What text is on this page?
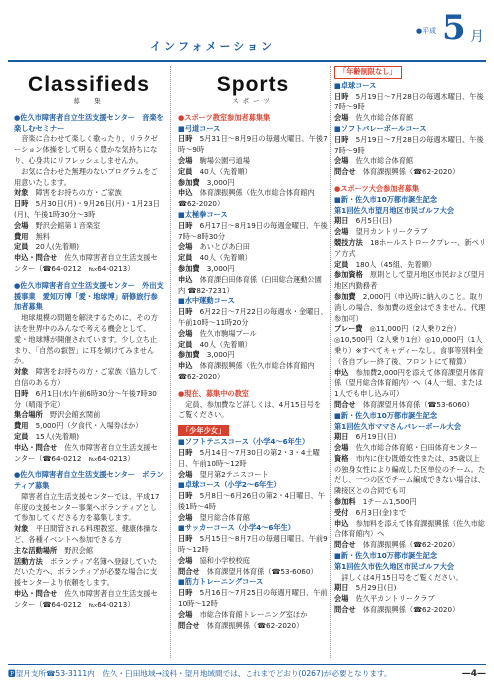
インフォメーション
●平成 5 月
Classifieds
募　集
●佐久市障害者自立生活支援センター　音楽を楽しむセミナー

　音楽に合わせて楽しく歌ったり、リラクゼーション体操をして明るく豊かな気持ちになり、心身共にリフレッシュしませんか。

　お気に合わせた無理のないプログラムをご用意いたします。

対象　 障害をお持ちの方・ご家族

日時　 5月30日(月)・9月26日(月)・1月23日(月)、午後1時30分〜3時

会場　 野沢会館第１音楽室

費用　 無料

定員　 20人(先着順)

申込・問合せ　 佐久市障害者自立生活支援センター（☎64-0212　℻64-0213）

●佐久市障害者自立生活支援センター　外出支援事業　愛知万博「愛・地球博」研修旅行参加者募集

　地球規模の問題を解決するために、その方法を世界中のみんなで考える機会として、愛・地球博が開催されています。少し立ち止まり、「自然の叡智」に耳を傾けてみませんか。

対象　 障害をお持ちの方・ご家族（協力して自信のある方）

日時　 6月1日(水)午前6時30分〜午後7時30分（晴雨予定）

集合場所　 野沢会館玄関前

費用　 5,000円（夕食代・入場券ほか）

定員　 15人(先着順)

申込・問合せ　 佐久市障害者自立生活支援センター（☎64-0212　℻64-0213）

●佐久市障害者自立生活支援センター　ボランティア募集

　障害者自立生活支援センターでは、平成17年度の支援センター事業へボランティアとして参加してくださる方を募集します。

対象　 平日間管される料理教室、健康体操など、各種イベントへ参加できる方

主な活動場所　 野沢会館

活動方法　 ボランティア名簿へ登録していただいた方へ、ボランティアが必要な場合に支援センターより依頼をします。

申込・問合せ　 佐久市障害者自立生活支援センター（☎64-0212　℻64-0213）

Sports
スポーツ
●スポーツ教室参加者募集集
■弓道コース

日時　 5月31日〜8月9日の毎週火曜日、午後7時〜9時

会場　 駒場公園弓道場

定員　 40人（先着順）

参加費　 3,000円

申込　 体育課振興係（佐久市総合体育館内 ☎62-2020）

■太極拳コース

日時　 6月17日〜8月19日の毎週金曜日、午後7時〜8時30分

会場　 あいとぴあ臼田

定員　 40人（先着順）

参加費　 3,000円

申込　 体育課臼田体育係（臼田総合運動公園内 ☎82-7231）

■水中運動コース

日時　 6月22日〜7月22日の毎週水・金曜日、午前10時〜11時20分

会場　 佐久市駒場プール

定員　 40人（先着順）

参加費　 3,000円

申込　 体育課振興係（佐久市総合体育館内 ☎62-2020）

●現在、募集中の教室

　定員、参加費など詳しくは、4月15日号をご覧ください。

「少年少女」
■ソフトテニスコース（小学4〜6年生）

日時　 5月14日〜7月30日の第2・3・4土曜日、午前10時〜12時

会場　 望月第2テニスコート

■卓球コース（小学2〜6年生）

日時　 5月8日〜6月26日の第2・4日曜日、午後1時〜4時

会場　 望月総合体育館

■サッカーコース（小学4〜6年生）

日時　 5月15日〜8月7日の毎週日曜日、午前9時〜12時

会場　 協和小学校校庭

問合せ　 体育課望月体育係（☎53-6060）

■筋力トレーニングコース

日時　 5月16日〜7月25日の毎週月曜日、午前10時〜12時

会場　 市総合体育館トレーニング室ほか

問合せ　 体育課振興係（☎62-2020）

「年齢制限なし」
■卓球コース

日時　 5月19日〜7月28日の毎週木曜日、午後7時〜9時

会場　 佐久市総合体育館

■ソフトバレーボールコース

日時　 5月19日〜7月28日の毎週木曜日、午後7時〜9時

会場　 佐久市総合体育館

問合せ　 体育課振興係（☎62-2020）

●スポーツ大会参加者募集
■新・佐久市10万都市誕生記念
第1回佐久市望月地区市民ゴルフ大会

期日　 6月5日(日)

会場　 望月カントリークラブ

競技方法　 18ホールストロークプレー、新ペリア方式

定員　 180人（45組、先着順）

参加資格　 原則として望月地区市民および望月地区内勤務者

参加費　 2,000円（申込時に納入のこと。取り消しの場合、参加費の返金はできません。代理参加可）

プレー費　 ◎11,000円（2人乗り2台）◎10,500円（2人乗り1台）◎10,000円（1人乗り）※すべてキャディーなし。食事等別料金（各自プレー終了後、フロントにて精算）

申込　 参加費2,000円を添えて体育課望月体育係（望月総合体育館内）へ（4人一組、または1人でも申し込み可）

問合せ　 体育課望月体育係（☎53-6060）

■新・佐久市10万都市誕生記念
第1回佐久市ママさんバレーボール大会

期日　 6月19日(日)

会場　 佐久市総合体育館・臼田体育センター

資格　 市内に住む既婚女性または、35歳以上の独身女性により編成した区単位のチーム。ただし、一つの区でチーム編成できない場合は、隣接区との合同でも可

参加料　 1チーム1,500円

受付　 6月3日(金)まで

申込　 参加料を添えて体育課振興係（佐久市総合体育館内）へ

問合せ　 体育課振興係（☎62-2020）

■新・佐久市10万都市誕生記念
第1回佐久市佐久地区市民ゴルフ大会

　詳しくは4月15日号をご覧ください。

期日　 5月29日(日)

会場　 佐久平カントリークラブ

問合せ　 体育課振興係（☎62-2020）

🅿望月支所☎53-3111内　佐久・臼田地域→浅科・望月地域間では、これまでどおり(0267)が必要となります。	—4—
